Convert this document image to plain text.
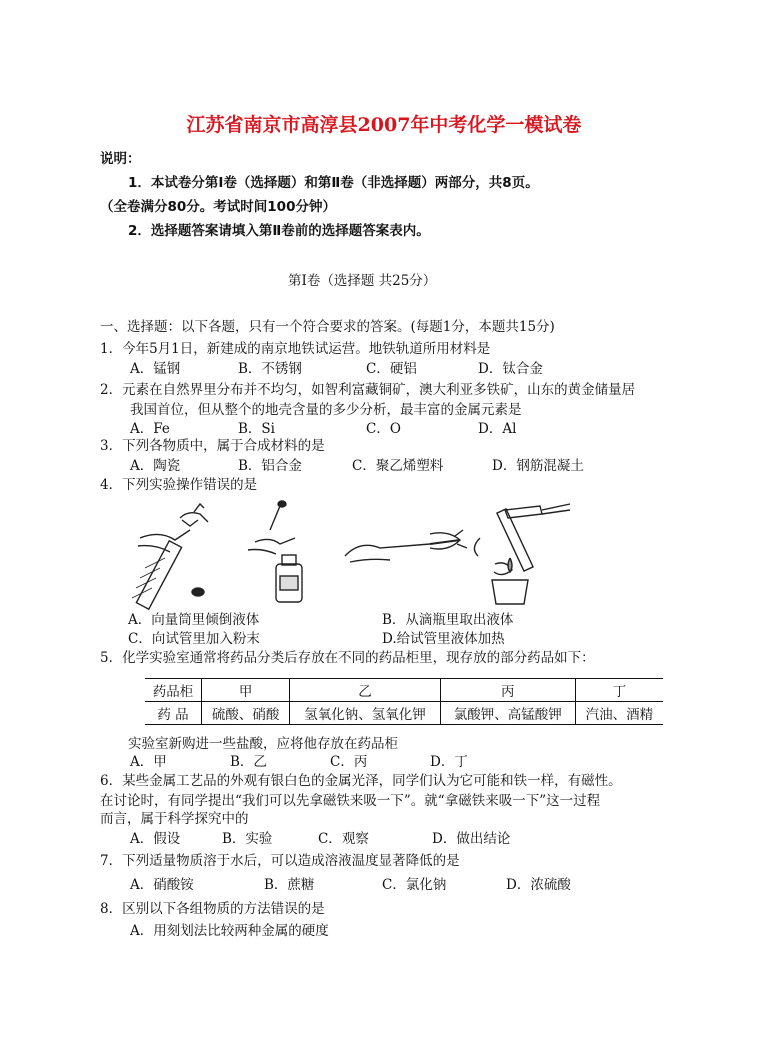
江苏省南京市高淳县2007年中考化学一模试卷
说明：
1．本试卷分第Ⅰ卷（选择题）和第Ⅱ卷（非选择题）两部分，共8页。
（全卷满分80分。考试时间100分钟）
2．选择题答案请填入第Ⅱ卷前的选择题答案表内。
第Ⅰ卷（选择题 共25分）
一、选择题：以下各题，只有一个符合要求的答案。(每题1分，本题共15分)
1．今年5月1日，新建成的南京地铁试运营。地铁轨道所用材料是
A．锰钢	B．不锈钢	C．硬铝	D．钛合金
2．元素在自然界里分布并不均匀，如智利富藏铜矿，澳大利亚多铁矿，山东的黄金储量居
我国首位，但从整个的地壳含量的多少分析，最丰富的金属元素是
A．Fe	B．Si	C．O	D．Al
3．下列各物质中，属于合成材料的是
A．陶瓷	B．铝合金	C．聚乙烯塑料	D．钢筋混凝土
4．下列实验操作错误的是
A．向量筒里倾倒液体	B．从滴瓶里取出液体
C．向试管里加入粉末	D.给试管里液体加热
5．化学实验室通常将药品分类后存放在不同的药品柜里，现存放的部分药品如下：
药品柜	甲	乙	丙	丁
药 品	硫酸、硝酸	氢氧化钠、氢氧化钾	氯酸钾、高锰酸钾	汽油、酒精
实验室新购进一些盐酸，应将他存放在药品柜
A．甲	B．乙	C．丙	D．丁
6．某些金属工艺品的外观有银白色的金属光泽，同学们认为它可能和铁一样，有磁性。
在讨论时，有同学提出“我们可以先拿磁铁来吸一下”。就“拿磁铁来吸一下”这一过程
而言，属于科学探究中的
A．假设	B．实验	C．观察	D．做出结论
7．下列适量物质溶于水后，可以造成溶液温度显著降低的是
A．硝酸铵	B．蔗糖	C．氯化钠	D．浓硫酸
8．区别以下各组物质的方法错误的是
A．用刻划法比较两种金属的硬度
